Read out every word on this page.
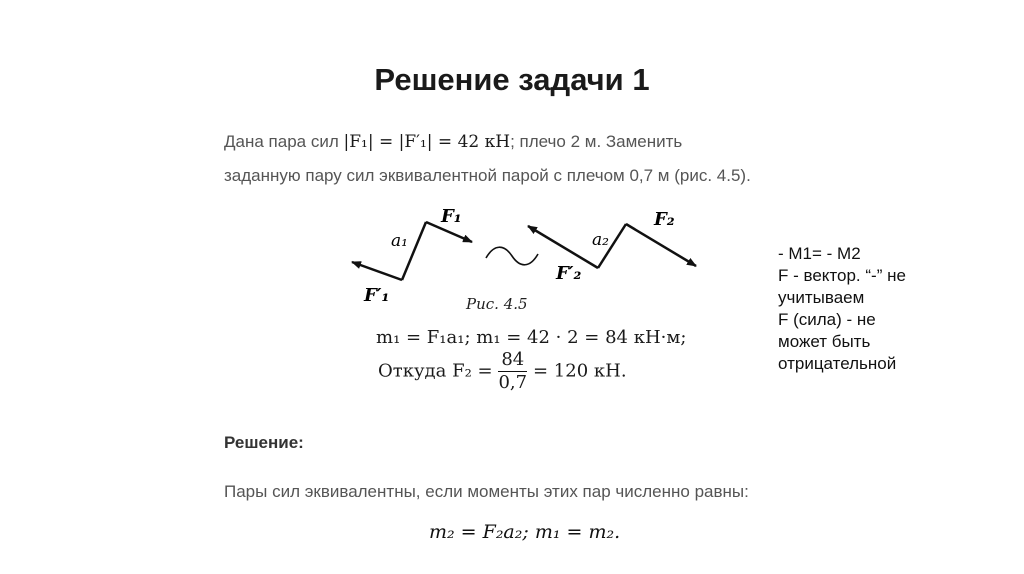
Решение задачи 1
Дана пара сил |F₁| = |F′₁| = 42 кН; плечо 2 м. Заменить
заданную пару сил эквивалентной парой с плечом 0,7 м (рис. 4.5).
a₁
F₁
F′₁
a₂
F₂
F′₂
Рис. 4.5
m₁ = F₁a₁; m₁ = 42 · 2 = 84 кН·м;
Откуда $F_2 = \frac{84}{0,7} = 120$ кН.
- M1= - M2
F - вектор. “-” не
учитываем
F (сила) - не
может быть
отрицательной
Решение:
Пары сил эквивалентны, если моменты этих пар численно равны:
m₂ = F₂a₂; m₁ = m₂.
